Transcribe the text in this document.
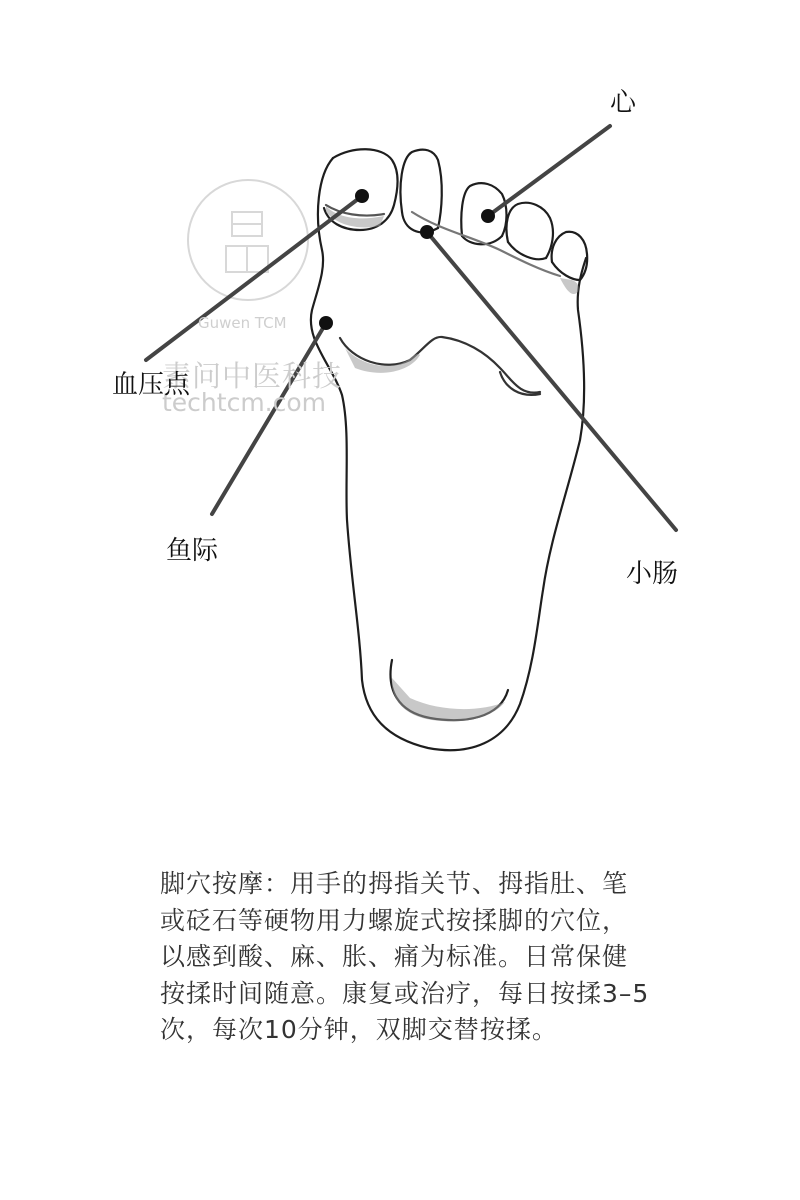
Guwen TCM
素问中医科技
techtcm.com
心
血压点
鱼际
小肠
脚穴按摩：用手的拇指关节、拇指肚、笔或砭石等硬物用力螺旋式按揉脚的穴位，以感到酸、麻、胀、痛为标准。日常保健按揉时间随意。康复或治疗，每日按揉3–5次，每次10分钟，双脚交替按揉。
